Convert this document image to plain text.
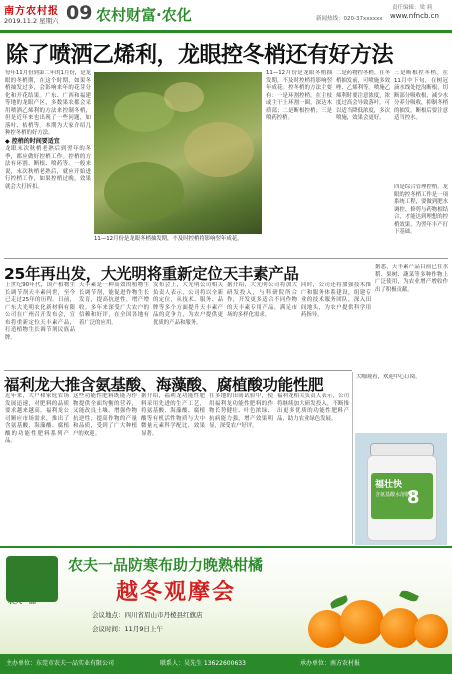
南方农村报
2019.11.2 星期六 09 农村财富·农化	责任编辑：梁 莉
新闻热线：020-37xxxxxx	www.nfncb.cn
除了喷洒乙烯利，龙眼控冬梢还有好方法
每年11月份到第二年的1月份，是龙眼的冬梢期，在这个时期，如果冬梢抽发过多，会影响来年的花芽分化和开花结果。广东、广西和福建等地的龙眼产区，多数果农都会采用喷洒乙烯利的方法来控制冬梢，但是近年来也出现了一些问题，如落叶、枯梢等。本期为大家介绍几种控冬梢的好方法。
◆ 控梢的时间要适宜
龙眼末次秋梢老熟后到翌年的冬季，都应做好控梢工作。控梢的方法有环割、断根、喷药等。一般来说，末次秋梢老熟后，就应开始进行控梢工作，如果控梢过晚，效果就会大打折扣。
11—12月份是龙眼冬梢抽发期，不及时控梢将影响翌年成花。
11—12月份是龙眼冬梢抽发期，不及时控梢将影响翌年成花。控冬梢的方法主要有：一是环割控梢。在主枝或主干上环割一圈，深达木质部；二是断根控梢；三是喷药控梢。
二是药物控冬梢。在冬梢抽发前，可喷施多效唑、乙烯利等。喷施乙烯利时要注意浓度，浓度过高会导致落叶。可以适当降低浓度，多次喷施，效果会更好。
三是断根控冬梢。在11月中下旬，在树冠滴水线处挖沟断根，切断部分吸收根，减少水分养分吸收，抑制冬梢的抽发。断根后要注意适当控水。
四是综合管理控梢。龙眼的控冬梢工作是一项系统工程，要做到肥水调控、修剪与药物相结合，才能达到理想的控梢效果，为翌年丰产打下基础。
25年再出发，大光明将重新定位天丰素产品
上世纪90年代，国产植物生长调节剂天丰素问世，至今已走过25年的历程。日前，广东大光明农化新材料有限公司在广州召开发布会，宣布将重新定位天丰素产品，打造植物生长调节剂民族品牌。
天丰素是一种高效的植物生长调节剂，能促进作物生长发育，提高抗逆性，增产增收。多年来深受广大农户的信赖和好评，在全国各地有着广泛的应用。
发布会上，大光明公司相关负责人表示，公司将以全新的定位，从技术、服务、品牌等多个方面提升天丰素产品的竞争力，为农户提供更优质的产品和服务。
据介绍，大光明公司将加大研发投入，与科研院所合作，开发更多适合不同作物的天丰素专用产品，满足市场的多样化需求。
同时，公司还将加强技术推广和服务体系建设，组建专业的技术服务团队，深入田间地头，为农户提供科学用药指导。
据悉，天丰素产品目前已在水稻、果树、蔬菜等多种作物上广泛使用，为农业增产增收作出了积极贡献。
福利龙大推含氨基酸、海藻酸、腐植酸功能性肥
近年来，大户和家庭农场发展迅速，对肥料的品质要求越来越高。福利龙公司顺应市场需求，推出了含氨基酸、海藻酸、腐植酸的功能性肥料系列产品。
这些功能性肥料既能为作物提供全面均衡的营养，又能改良土壤、增强作物抗逆性，提高作物的产量和品质，受到了广大种植户的欢迎。
据介绍，福利龙功能性肥料采用先进的生产工艺，将氨基酸、海藻酸、腐植酸等有机活性物质与大中微量元素科学配比，效果显著。
在多地的田间试验中，使用福利龙功能性肥料的作物长势健壮、叶色浓绿、抗病能力强，增产效果明显，深受农户好评。
福利龙相关负责人表示，公司将继续加大研发投入，不断推出更多优质的功能性肥料产品，助力农业绿色发展。
大咖观看，欢迎中心订阅。
福壮快
8
含氨基酸水溶肥料
农夫一品
农夫一品防寒布助力晚熟柑橘
越冬观摩会
会议地点：四川省眉山市丹棱县红旗店
会议时间：11月9日上午
主办单位：东莞市农夫一品实业有限公司	联系人：吴先生 13622600633	承办单位：南方农村报
